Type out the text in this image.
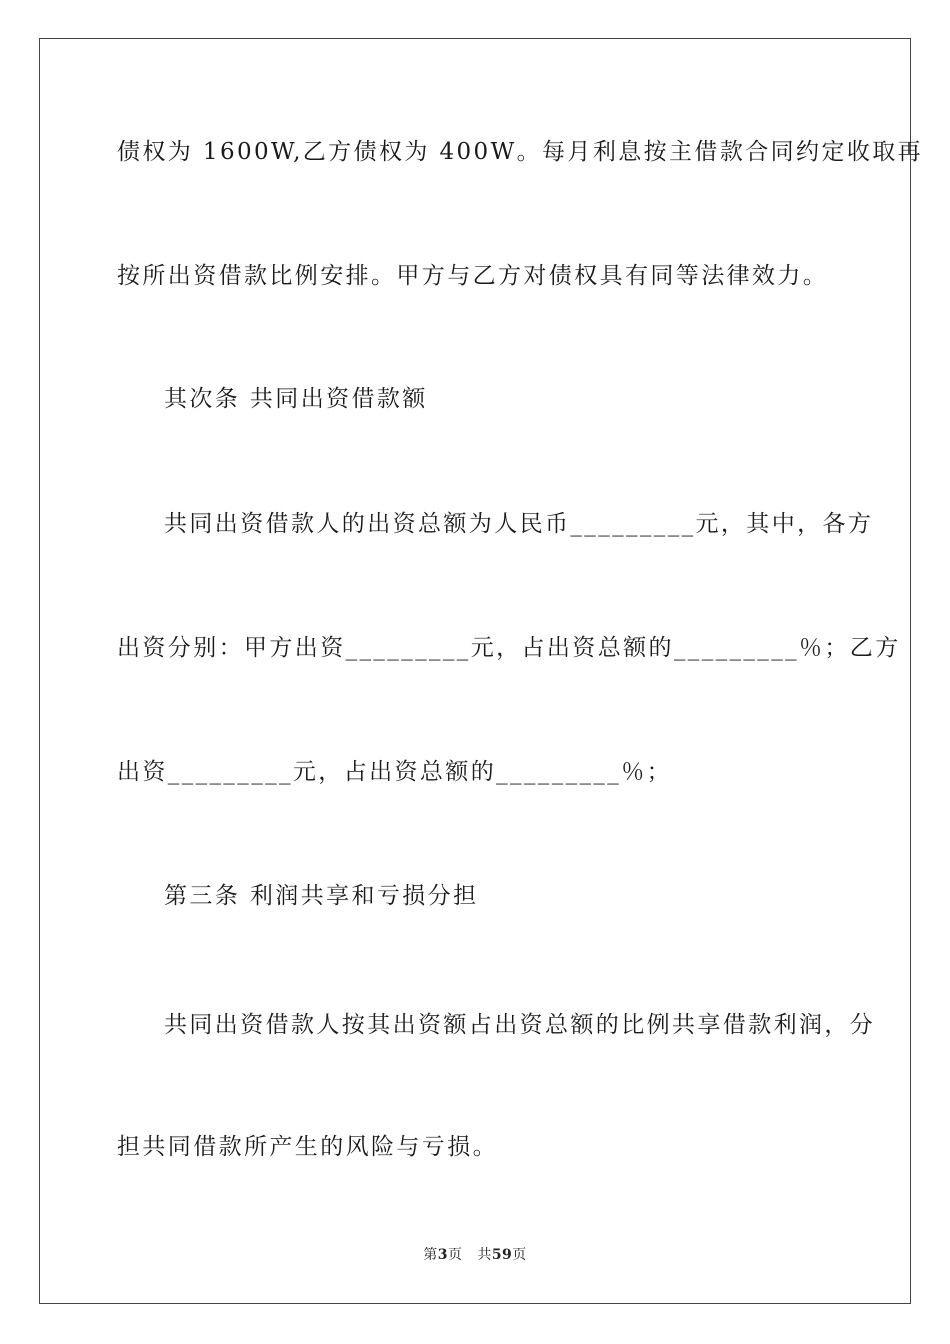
债权为 1600W,乙方债权为 400W。每月利息按主借款合同约定收取再
按所出资借款比例安排。甲方与乙方对债权具有同等法律效力。
其次条 共同出资借款额
共同出资借款人的出资总额为人民币_________元，其中，各方
出资分别：甲方出资_________元，占出资总额的_________％；乙方
出资_________元，占出资总额的_________％；
第三条 利润共享和亏损分担
共同出资借款人按其出资额占出资总额的比例共享借款利润，分
担共同借款所产生的风险与亏损。
第3页 共59页
